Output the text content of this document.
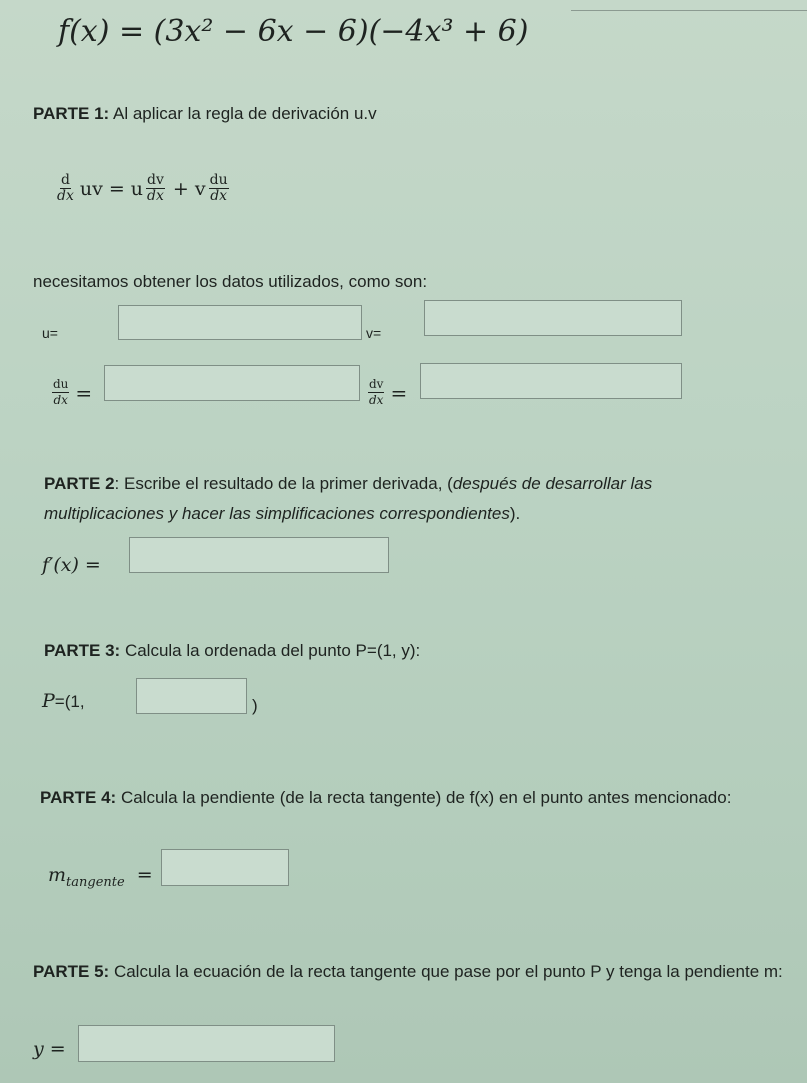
f(x) = (3x² − 6x − 6)(−4x³ + 6)
PARTE 1: Al aplicar la regla de derivación u.v
$\frac{d}{dx}$ uv = u $\frac{dv}{dx} + v \frac{du}{dx}$
necesitamos obtener los datos utilizados, como son:
u=	v=
$\frac{du}{dx}$ =	$\frac{dv}{dx}$ =
PARTE 2: Escribe el resultado de la primer derivada, (después de desarrollar las multiplicaciones y hacer las simplificaciones correspondientes).
f′(x) =
PARTE 3: Calcula la ordenada del punto P=(1, y):
P=(1,	)
PARTE 4: Calcula la pendiente (de la recta tangente) de f(x) en el punto antes mencionado:
$m_{tangente}$ =
PARTE 5: Calcula la ecuación de la recta tangente que pase por el punto P y tenga la pendiente m:
y =
